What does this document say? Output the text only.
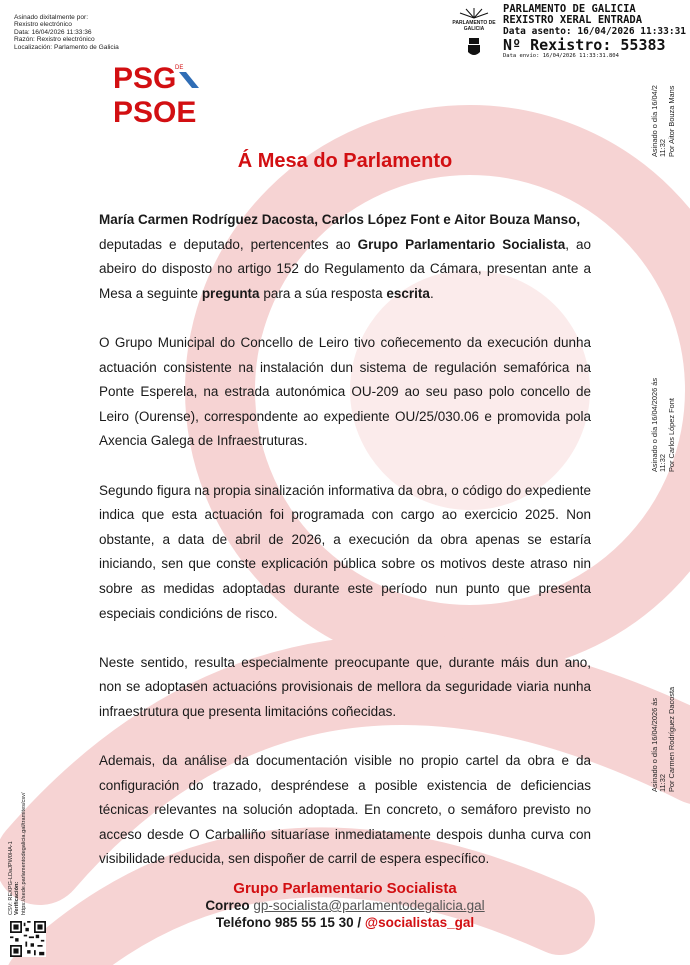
Asinado dixitalmente por:
Rexistro electrónico
Data: 16/04/2026 11:33:36
Razón: Rexistro electrónico
Localización: Parlamento de Galicia
PARLAMENTO DE GALICIA
PARLAMENTO DE GALICIA
REXISTRO XERAL ENTRADA
Data asento: 16/04/2026 11:33:31
Nº Rexistro: 55383
Data envío: 16/04/2026 11:33:31.804
PSG
DE
PSOE	Asinado o día 16/04/2 11:32 Por Aitor Bouza Mans
Asinado o día 16/04/2026 ás 11:32 Por Carlos López Font
Asinado o día 16/04/2026 ás 11:32 Por Carmen Rodríguez Dacosta
CSV: REXPG-LDaJPW0HA-1 Verificación: https://sede.parlamentodegalicia.gal/tramites/csv/
Á Mesa do Parlamento

María Carmen Rodríguez Dacosta, Carlos López Font e Aitor Bouza Manso,
deputadas e deputado, pertencentes ao Grupo Parlamentario Socialista, ao abeiro do disposto no artigo 152 do Regulamento da Cámara, presentan ante a Mesa a seguinte pregunta para a súa resposta escrita.

O Grupo Municipal do Concello de Leiro tivo coñecemento da execución dunha actuación consistente na instalación dun sistema de regulación semafórica na Ponte Esperela, na estrada autonómica OU-209 ao seu paso polo concello de Leiro (Ourense), correspondente ao expediente OU/25/030.06 e promovida pola Axencia Galega de Infraestruturas.

Segundo figura na propia sinalización informativa da obra, o código do expediente indica que esta actuación foi programada con cargo ao exercicio 2025. Non obstante, a data de abril de 2026, a execución da obra apenas se estaría iniciando, sen que conste explicación pública sobre os motivos deste atraso nin sobre as medidas adoptadas durante este período nun punto que presenta especiais condicións de risco.

Neste sentido, resulta especialmente preocupante que, durante máis dun ano, non se adoptasen actuacións provisionais de mellora da seguridade viaria nunha infraestrutura que presenta limitacións coñecidas.

Ademais, da análise da documentación visible no propio cartel da obra e da configuración do trazado, despréndese a posible existencia de deficiencias técnicas relevantes na solución adoptada. En concreto, o semáforo previsto no acceso desde O Carballiño situaríase inmediatamente despois dunha curva con visibilidade reducida, sen dispoñer de carril de espera específico.

Grupo Parlamentario Socialista
Correo gp-socialista@parlamentodegalicia.gal
Teléfono 985 55 15 30 / @socialistas_gal
